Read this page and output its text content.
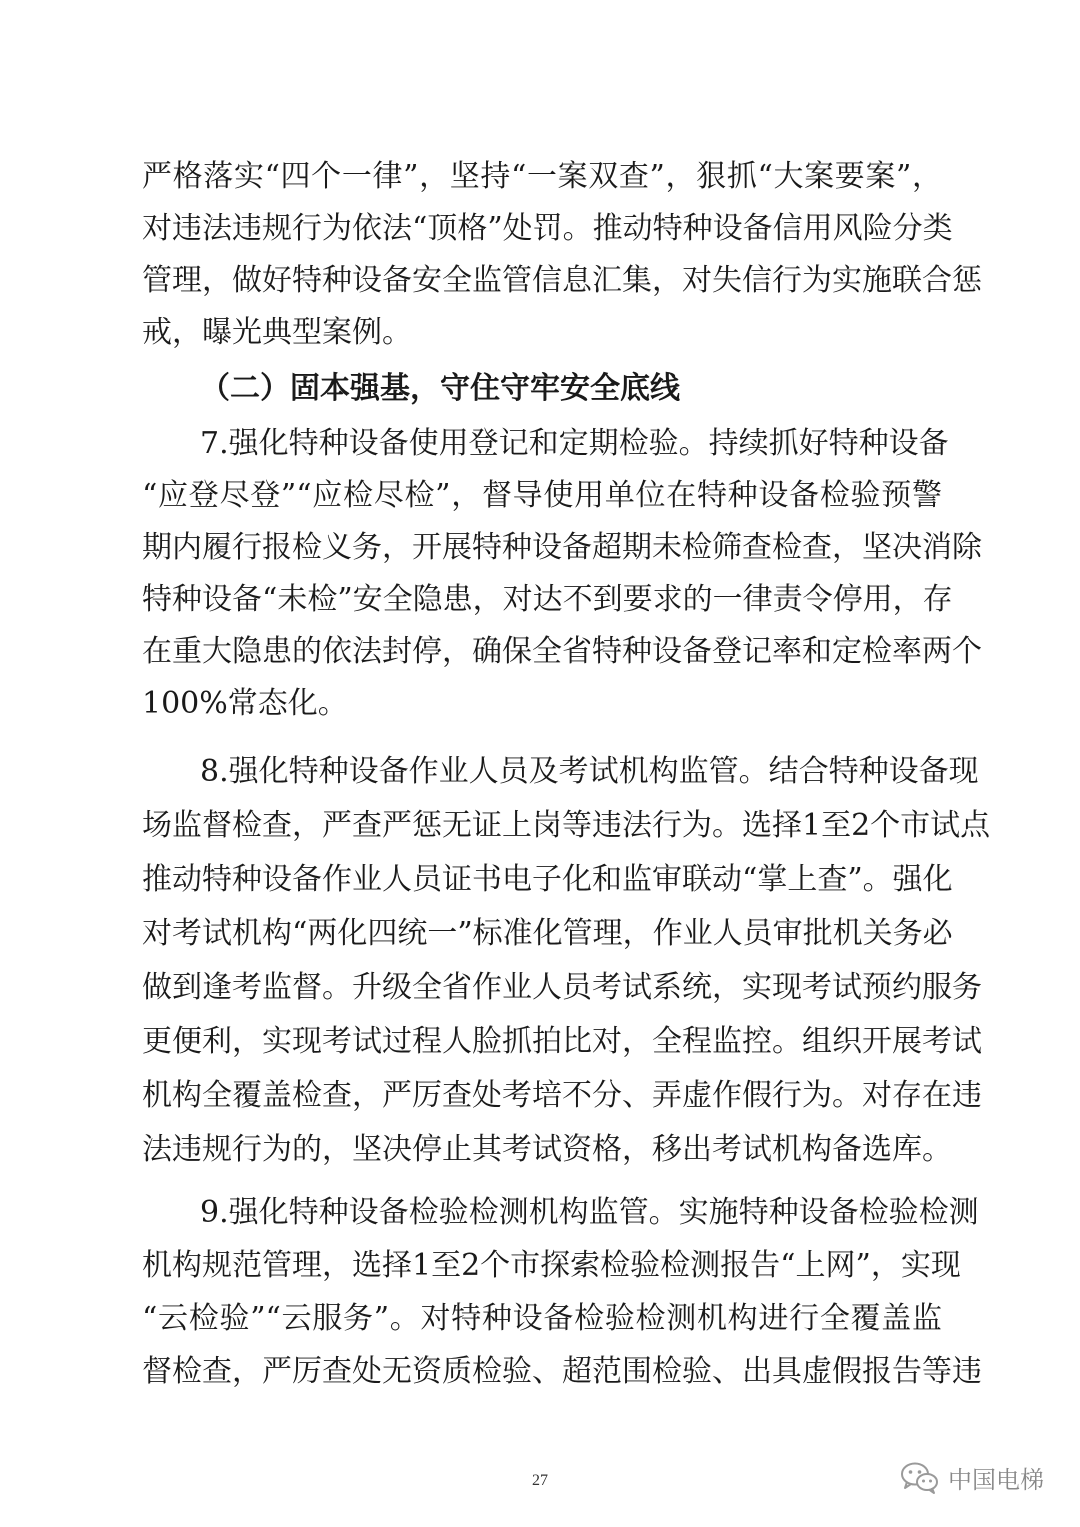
严格落实“四个一律”，坚持“一案双查”，狠抓“大案要案”，
对违法违规行为依法“顶格”处罚。推动特种设备信用风险分类
管理，做好特种设备安全监管信息汇集，对失信行为实施联合惩
戒，曝光典型案例。
（二）固本强基，守住守牢安全底线
7.强化特种设备使用登记和定期检验。持续抓好特种设备
“应登尽登”“应检尽检”，督导使用单位在特种设备检验预警
期内履行报检义务，开展特种设备超期未检筛查检查，坚决消除
特种设备“未检”安全隐患，对达不到要求的一律责令停用，存
在重大隐患的依法封停，确保全省特种设备登记率和定检率两个
100%常态化。
8.强化特种设备作业人员及考试机构监管。结合特种设备现
场监督检查，严查严惩无证上岗等违法行为。选择1至2个市试点
推动特种设备作业人员证书电子化和监审联动“掌上查”。强化
对考试机构“两化四统一”标准化管理，作业人员审批机关务必
做到逢考监督。升级全省作业人员考试系统，实现考试预约服务
更便利，实现考试过程人脸抓拍比对，全程监控。组织开展考试
机构全覆盖检查，严厉查处考培不分、弄虚作假行为。对存在违
法违规行为的，坚决停止其考试资格，移出考试机构备选库。
9.强化特种设备检验检测机构监管。实施特种设备检验检测
机构规范管理，选择1至2个市探索检验检测报告“上网”，实现
“云检验”“云服务”。对特种设备检验检测机构进行全覆盖监
督检查，严厉查处无资质检验、超范围检验、出具虚假报告等违
27	中国电梯
